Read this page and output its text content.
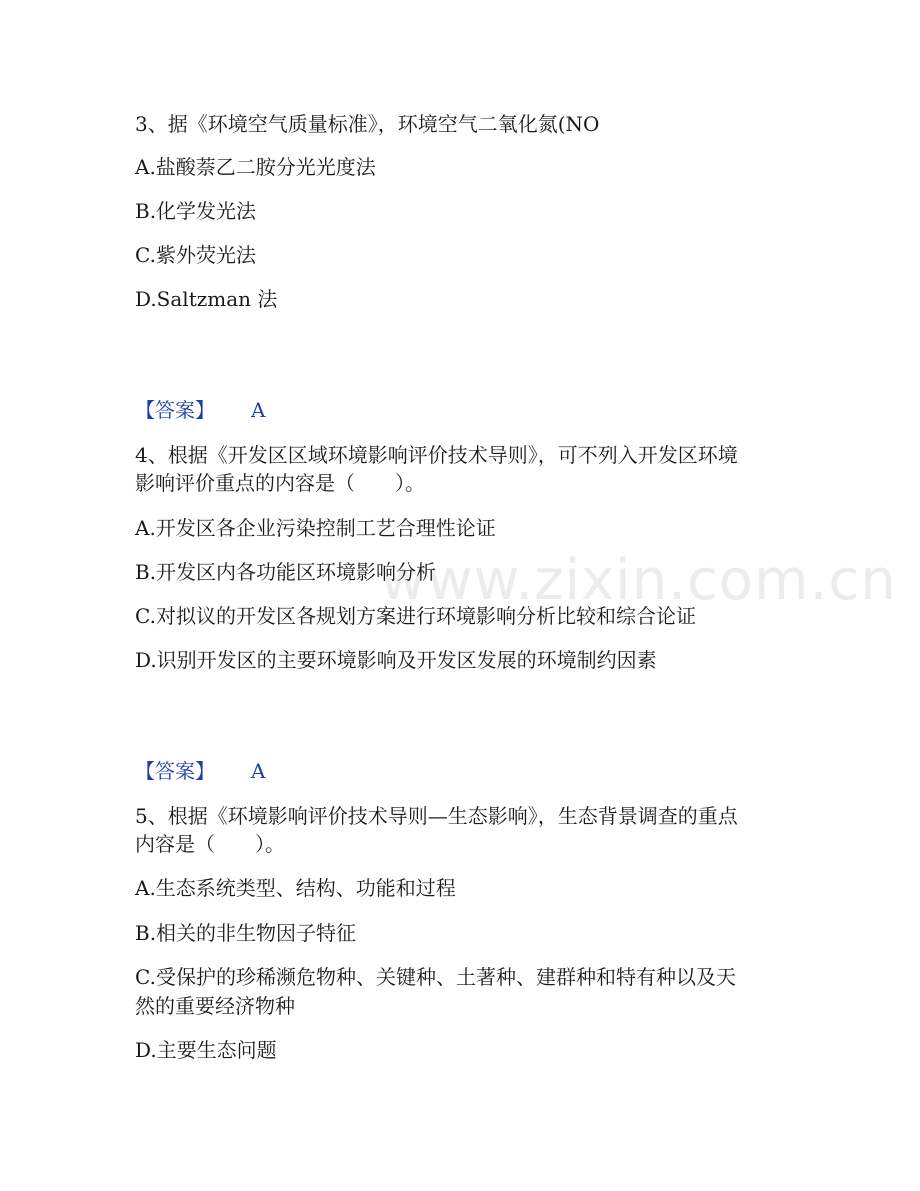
www.zixin.com.cn
3、据《环境空气质量标准》，环境空气二氧化氮(NO
A.盐酸萘乙二胺分光光度法
B.化学发光法
C.紫外荧光法
D.Saltzman 法
【答案】 A
4、根据《开发区区域环境影响评价技术导则》，可不列入开发区环境
影响评价重点的内容是（　　）。
A.开发区各企业污染控制工艺合理性论证
B.开发区内各功能区环境影响分析
C.对拟议的开发区各规划方案进行环境影响分析比较和综合论证
D.识别开发区的主要环境影响及开发区发展的环境制约因素
【答案】 A
5、根据《环境影响评价技术导则—生态影响》，生态背景调查的重点
内容是（　　）。
A.生态系统类型、结构、功能和过程
B.相关的非生物因子特征
C.受保护的珍稀濒危物种、关键种、土著种、建群种和特有种以及天
然的重要经济物种
D.主要生态问题
